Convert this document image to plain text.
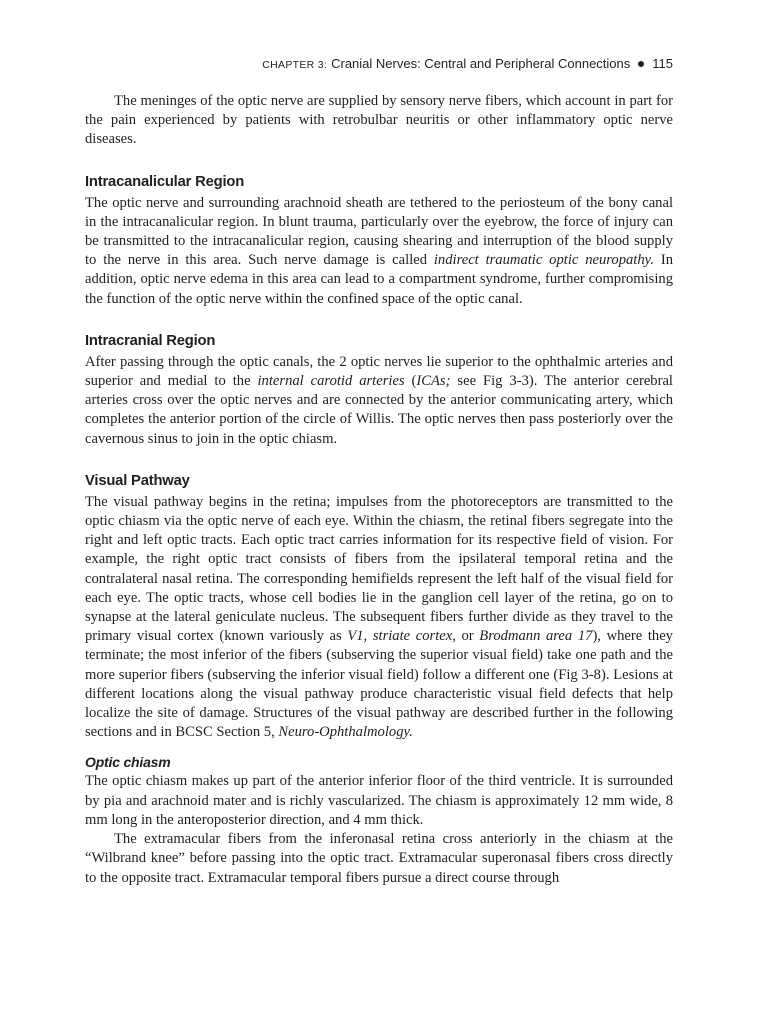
CHAPTER 3: Cranial Nerves: Central and Peripheral Connections 115

The meninges of the optic nerve are supplied by sensory nerve fibers, which account in part for the pain experienced by patients with retrobulbar neuritis or other inflammatory optic nerve diseases.

Intracanalicular Region

The optic nerve and surrounding arachnoid sheath are tethered to the periosteum of the bony canal in the intracanalicular region. In blunt trauma, particularly over the eyebrow, the force of injury can be transmitted to the intracanalicular region, causing shearing and interruption of the blood supply to the nerve in this area. Such nerve damage is called indirect traumatic optic neuropathy. In addition, optic nerve edema in this area can lead to a compartment syndrome, further compromising the function of the optic nerve within the confined space of the optic canal.

Intracranial Region

After passing through the optic canals, the 2 optic nerves lie superior to the ophthalmic arteries and superior and medial to the internal carotid arteries (ICAs; see Fig 3-3). The anterior cerebral arteries cross over the optic nerves and are connected by the anterior communicating artery, which completes the anterior portion of the circle of Willis. The optic nerves then pass posteriorly over the cavernous sinus to join in the optic chiasm.

Visual Pathway

The visual pathway begins in the retina; impulses from the photoreceptors are transmitted to the optic chiasm via the optic nerve of each eye. Within the chiasm, the retinal fibers segregate into the right and left optic tracts. Each optic tract carries information for its respective field of vision. For example, the right optic tract consists of fibers from the ipsilateral temporal retina and the contralateral nasal retina. The corresponding hemifields represent the left half of the visual field for each eye. The optic tracts, whose cell bodies lie in the ganglion cell layer of the retina, go on to synapse at the lateral geniculate nucleus. The subsequent fibers further divide as they travel to the primary visual cortex (known variously as V1, striate cortex, or Brodmann area 17), where they terminate; the most inferior of the fibers (subserving the superior visual field) take one path and the more superior fibers (subserving the inferior visual field) follow a different one (Fig 3-8). Lesions at different locations along the visual pathway produce characteristic visual field defects that help localize the site of damage. Structures of the visual pathway are described further in the following sections and in BCSC Section 5, Neuro-Ophthalmology.

Optic chiasm

The optic chiasm makes up part of the anterior inferior floor of the third ventricle. It is surrounded by pia and arachnoid mater and is richly vascularized. The chiasm is approximately 12 mm wide, 8 mm long in the anteroposterior direction, and 4 mm thick.

The extramacular fibers from the inferonasal retina cross anteriorly in the chiasm at the “Wilbrand knee” before passing into the optic tract. Extramacular superonasal fibers cross directly to the opposite tract. Extramacular temporal fibers pursue a direct course through
